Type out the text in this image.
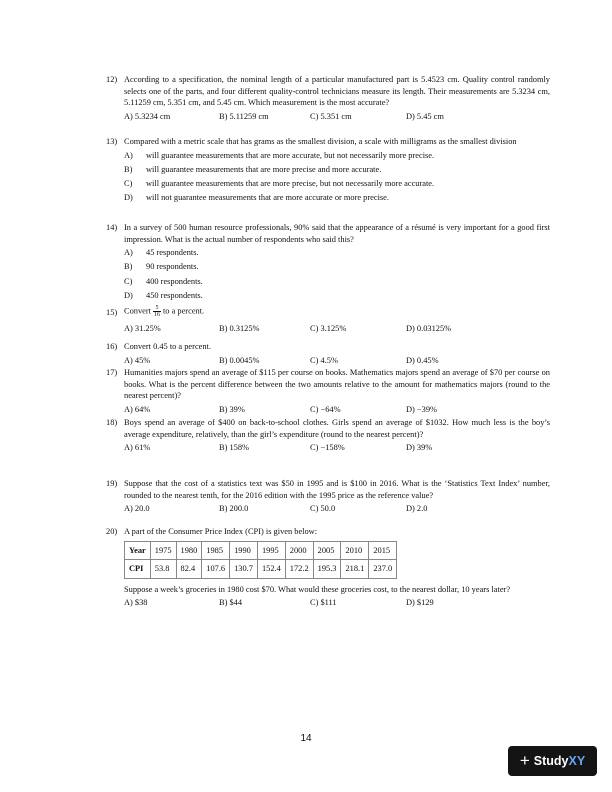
12) According to a specification, the nominal length of a particular manufactured part is 5.4523 cm. Quality control randomly selects one of the parts, and four different quality-control technicians measure its length. Their measurements are 5.3234 cm, 5.11259 cm, 5.351 cm, and 5.45 cm. Which measurement is the most accurate?
A) 5.3234 cm	B) 5.11259 cm	C) 5.351 cm	D) 5.45 cm
13) Compared with a metric scale that has grams as the smallest division, a scale with milligrams as the smallest division
A) will guarantee measurements that are more accurate, but not necessarily more precise.
B) will guarantee measurements that are more precise and more accurate.
C) will guarantee measurements that are more precise, but not necessarily more accurate.
D) will not guarantee measurements that are more accurate or more precise.
14) In a survey of 500 human resource professionals, 90% said that the appearance of a résumé is very important for a good first impression. What is the actual number of respondents who said this?
A) 45 respondents.
B) 90 respondents.
C) 400 respondents.
D) 450 respondents.
15) Convert $\frac{5}{16}$ to a percent.
A) 31.25%	B) 0.3125%	C) 3.125%	D) 0.03125%
16) Convert 0.45 to a percent.
A) 45%	B) 0.0045%	C) 4.5%	D) 0.45%
17) Humanities majors spend an average of $115 per course on books. Mathematics majors spend an average of $70 per course on books. What is the percent difference between the two amounts relative to the amount for mathematics majors (round to the nearest percent)?
A) 64%	B) 39%	C) −64%	D) −39%
18) Boys spend an average of $400 on back-to-school clothes. Girls spend an average of $1032. How much less is the boy’s average expenditure, relatively, than the girl’s expenditure (round to the nearest percent)?
A) 61%	B) 158%	C) −158%	D) 39%
19) Suppose that the cost of a statistics text was $50 in 1995 and is $100 in 2016. What is the ‘Statistics Text Index’ number, rounded to the nearest tenth, for the 2016 edition with the 1995 price as the reference value?
A) 20.0	B) 200.0	C) 50.0	D) 2.0
20) A part of the Consumer Price Index (CPI) is given below:
Year	1975	1980	1985	1990	1995	2000	2005	2010	2015
CPI	53.8	82.4	107.6	130.7	152.4	172.2	195.3	218.1	237.0
Suppose a week’s groceries in 1980 cost $70. What would these groceries cost, to the nearest dollar, 10 years later?
A) $38	B) $44	C) $111	D) $129
14
+ Study XY
